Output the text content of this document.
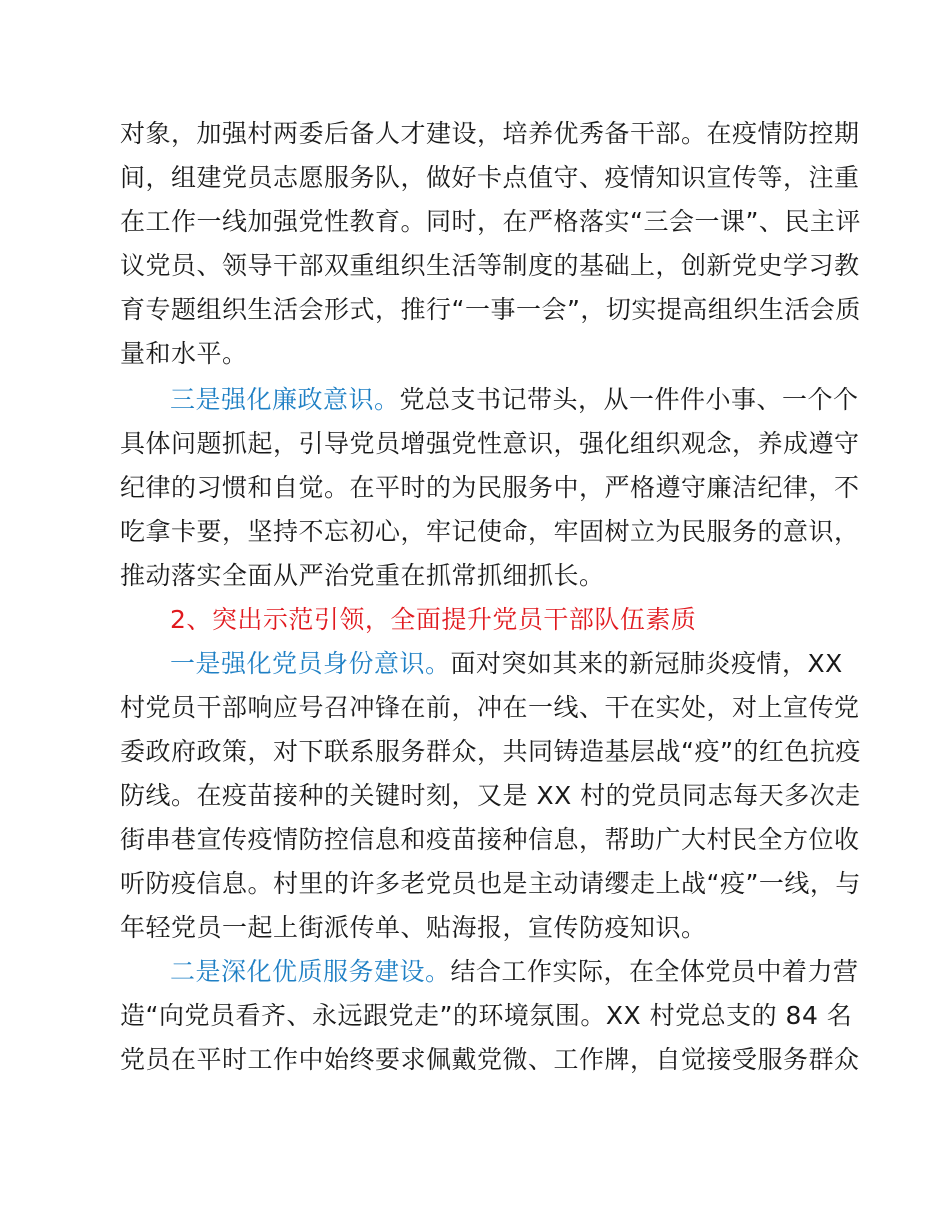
对象，加强村两委后备人才建设，培养优秀备干部。在疫情防控期
间，组建党员志愿服务队，做好卡点值守、疫情知识宣传等，注重
在工作一线加强党性教育。同时，在严格落实“三会一课”、民主评
议党员、领导干部双重组织生活等制度的基础上，创新党史学习教
育专题组织生活会形式，推行“一事一会”，切实提高组织生活会质
量和水平。
三是强化廉政意识。党总支书记带头，从一件件小事、一个个
具体问题抓起，引导党员增强党性意识，强化组织观念，养成遵守
纪律的习惯和自觉。在平时的为民服务中，严格遵守廉洁纪律，不
吃拿卡要，坚持不忘初心，牢记使命，牢固树立为民服务的意识，
推动落实全面从严治党重在抓常抓细抓长。
2、突出示范引领，全面提升党员干部队伍素质
一是强化党员身份意识。面对突如其来的新冠肺炎疫情，XX
村党员干部响应号召冲锋在前，冲在一线、干在实处，对上宣传党
委政府政策，对下联系服务群众，共同铸造基层战“疫”的红色抗疫
防线。在疫苗接种的关键时刻，又是 XX 村的党员同志每天多次走
街串巷宣传疫情防控信息和疫苗接种信息，帮助广大村民全方位收
听防疫信息。村里的许多老党员也是主动请缨走上战“疫”一线，与
年轻党员一起上街派传单、贴海报，宣传防疫知识。
二是深化优质服务建设。结合工作实际，在全体党员中着力营
造“向党员看齐、永远跟党走”的环境氛围。XX 村党总支的 84 名
党员在平时工作中始终要求佩戴党微、工作牌，自觉接受服务群众
